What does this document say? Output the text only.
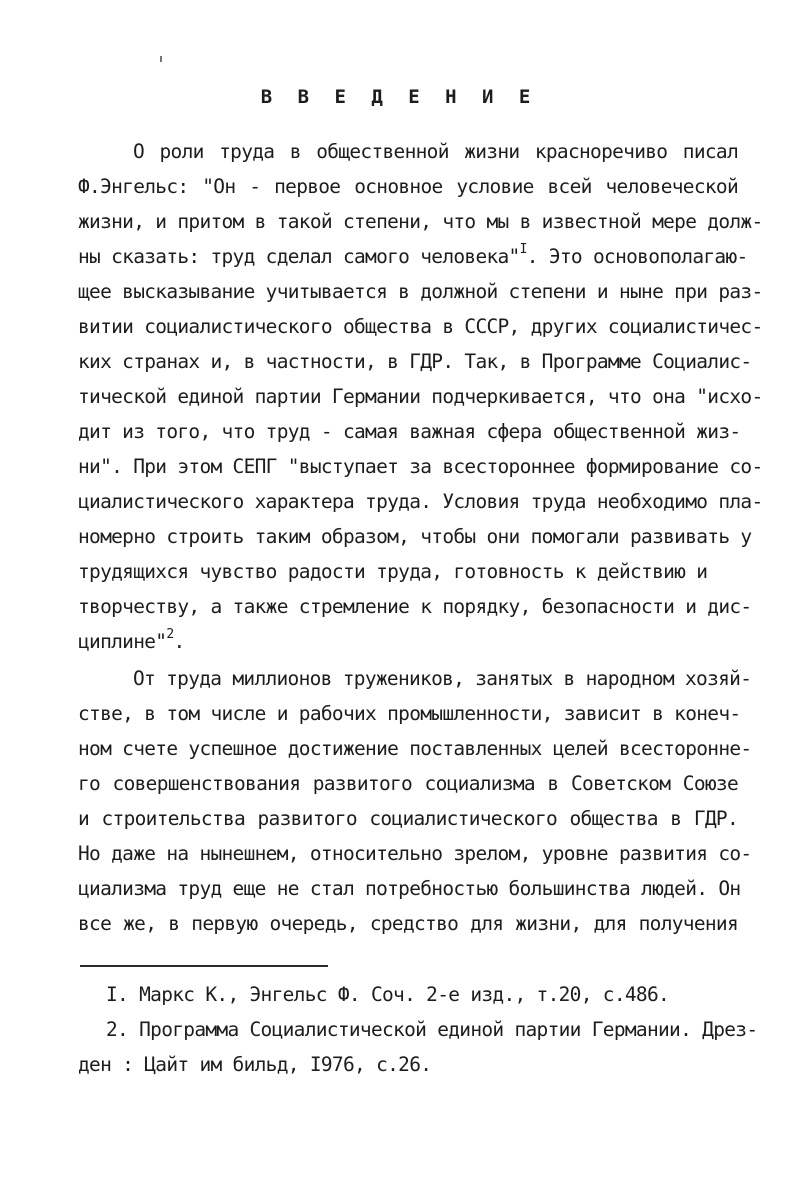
В В Е Д Е Н И Е
О роли труда в общественной жизни красноречиво писал
Ф.Энгельс: "Он - первое основное условие всей человеческой
жизни, и притом в такой степени, что мы в известной мере долж-
ны сказать: труд сделал самого человека"$^I$. Это основополагаю-
щее высказывание учитывается в должной степени и ныне при раз-
витии социалистического общества в СССР, других социалистичес-
ких странах и, в частности, в ГДР. Так, в Программе Социалис-
тической единой партии Германии подчеркивается, что она "исхо-
дит из того, что труд - самая важная сфера общественной жиз-
ни". При этом СЕПГ "выступает за всестороннее формирование со-
циалистического характера труда. Условия труда необходимо пла-
номерно строить таким образом, чтобы они помогали развивать у
трудящихся чувство радости труда, готовность к действию и
творчеству, а также стремление к порядку, безопасности и дис-
циплине"$^2$.
От труда миллионов тружеников, занятых в народном хозяй-
стве, в том числе и рабочих промышленности, зависит в конеч-
ном счете успешное достижение поставленных целей всесторонне-
го совершенствования развитого социализма в Советском Союзе
и строительства развитого социалистического общества в ГДР.
Но даже на нынешнем, относительно зрелом, уровне развития со-
циализма труд еще не стал потребностью большинства людей. Он
все же, в первую очередь, средство для жизни, для получения
I. Маркс К., Энгельс Ф. Соч. 2-е изд., т.20, с.486.
2. Программа Социалистической единой партии Германии. Дрез-
ден : Цайт им бильд, I976, с.26.
